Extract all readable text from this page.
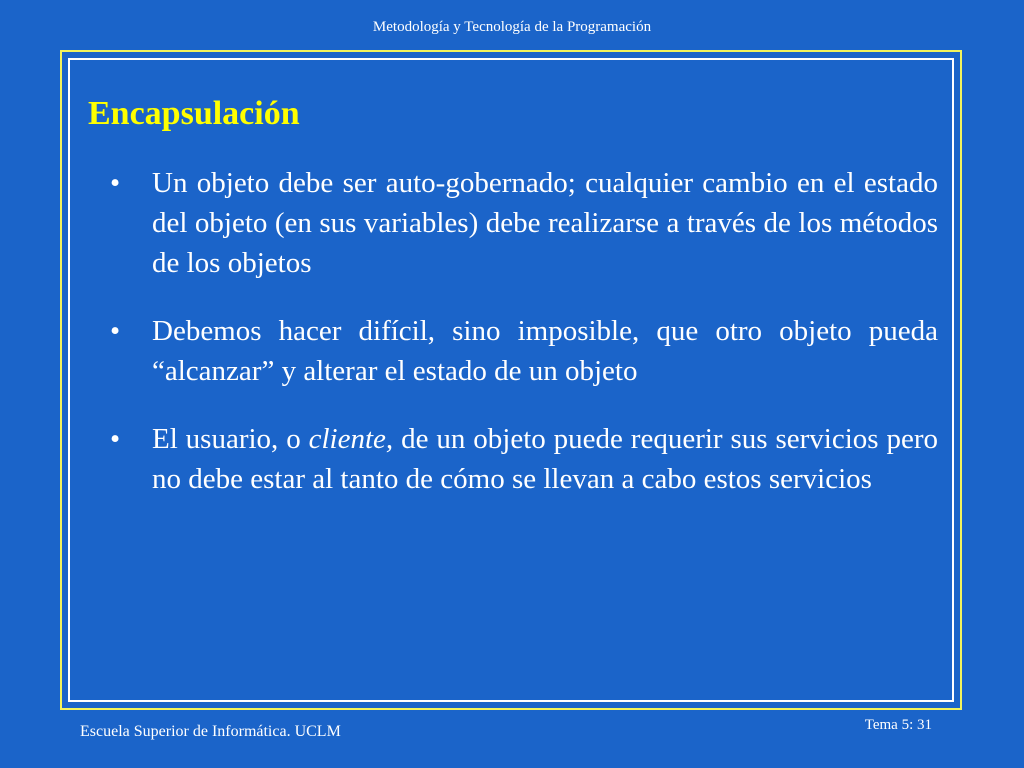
Metodología y Tecnología de la Programación
Encapsulación
• Un objeto debe ser auto-gobernado; cualquier cambio en el estado del objeto (en sus variables) debe realizarse a través de los métodos de los objetos
• Debemos hacer difícil, sino imposible, que otro objeto pueda “alcanzar” y alterar el estado de un objeto
• El usuario, o cliente, de un objeto puede requerir sus servicios pero no debe estar al tanto de cómo se llevan a cabo estos servicios
Escuela Superior de Informática. UCLM	Tema 5: 31
